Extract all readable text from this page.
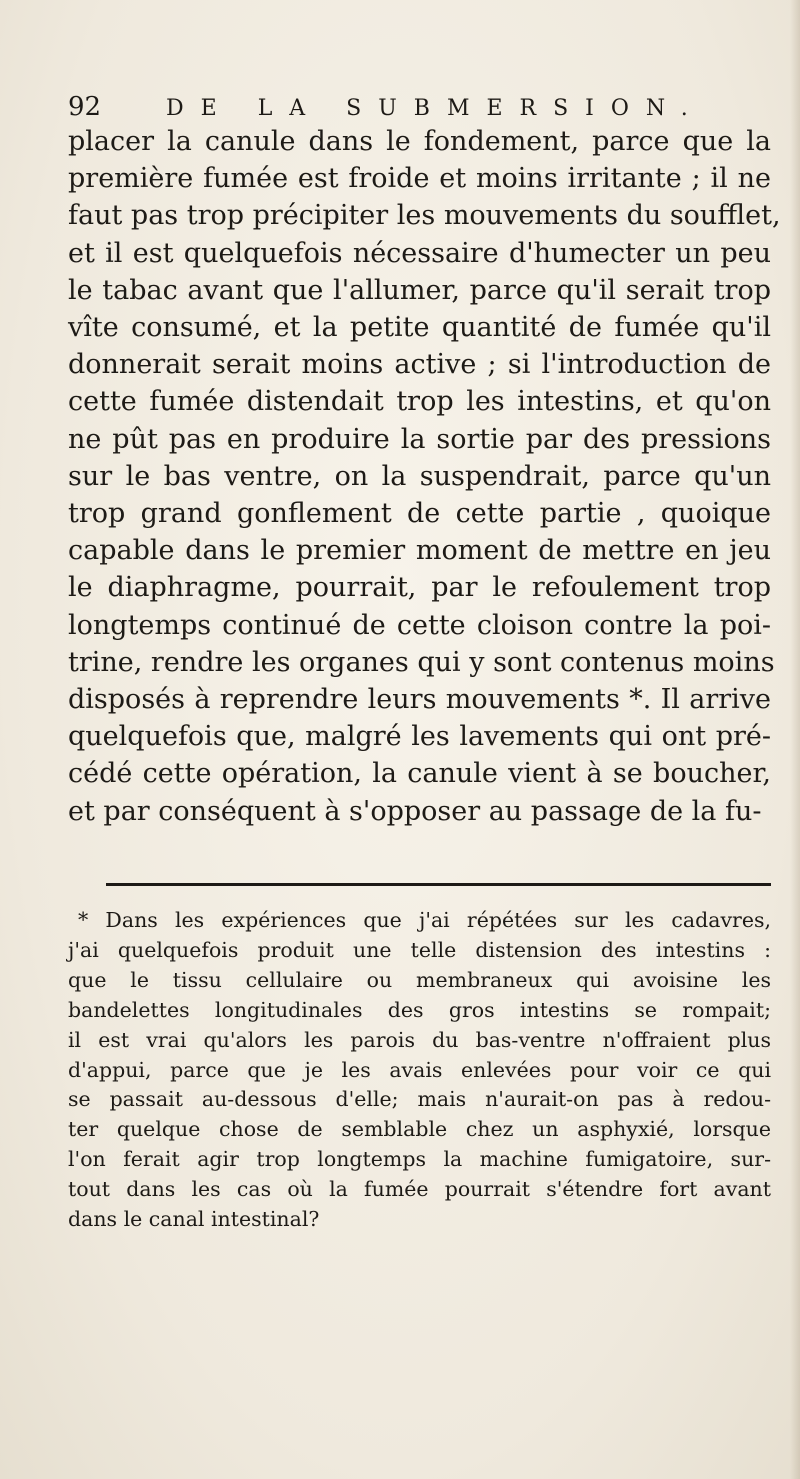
92	DE LA SUBMERSION.
placer la canule dans le fondement, parce que la
première fumée est froide et moins irritante ; il ne
faut pas trop précipiter les mouvements du soufflet,
et il est quelquefois nécessaire d'humecter un peu
le tabac avant que l'allumer, parce qu'il serait trop
vîte consumé, et la petite quantité de fumée qu'il
donnerait serait moins active ; si l'introduction de
cette fumée distendait trop les intestins, et qu'on
ne pût pas en produire la sortie par des pressions
sur le bas ventre, on la suspendrait, parce qu'un
trop grand gonflement de cette partie , quoique
capable dans le premier moment de mettre en jeu
le diaphragme, pourrait, par le refoulement trop
longtemps continué de cette cloison contre la poi-
trine, rendre les organes qui y sont contenus moins
disposés à reprendre leurs mouvements *. Il arrive
quelquefois que, malgré les lavements qui ont pré-
cédé cette opération, la canule vient à se boucher,
et par conséquent à s'opposer au passage de la fu-
* Dans les expériences que j'ai répétées sur les cadavres,
j'ai quelquefois produit une telle distension des intestins :
que le tissu cellulaire ou membraneux qui avoisine les
bandelettes longitudinales des gros intestins se rompait;
il est vrai qu'alors les parois du bas-ventre n'offraient plus
d'appui, parce que je les avais enlevées pour voir ce qui
se passait au-dessous d'elle; mais n'aurait-on pas à redou-
ter quelque chose de semblable chez un asphyxié, lorsque
l'on ferait agir trop longtemps la machine fumigatoire, sur-
tout dans les cas où la fumée pourrait s'étendre fort avant
dans le canal intestinal?
